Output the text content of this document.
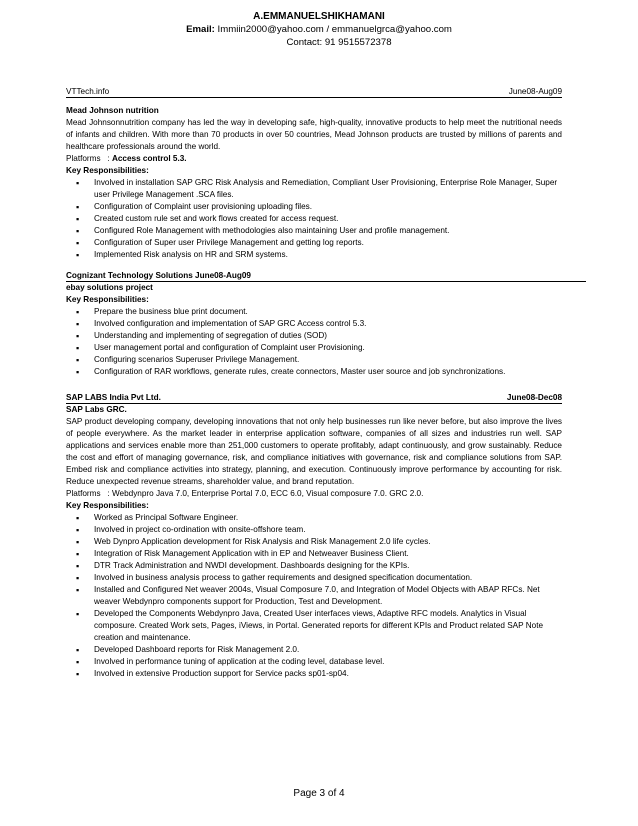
A.EMMANUELSHIKHAMANI
Email: Immiin2000@yahoo.com / emmanuelgrca@yahoo.com
Contact: 91 9515572378
VTTech.info	June08-Aug09
Mead Johnson nutrition
Mead Johnsonnutrition company has led the way in developing safe, high-quality, innovative products to help meet the nutritional needs of infants and children. With more than 70 products in over 50 countries, Mead Johnson products are trusted by millions of parents and healthcare professionals around the world.
Platforms   : Access control 5.3.
Key Responsibilities:
▪ Involved in installation SAP GRC Risk Analysis and Remediation, Compliant User Provisioning, Enterprise Role Manager, Super user Privilege Management .SCA files.
▪ Configuration of Complaint user provisioning uploading files.
▪ Created custom rule set and work flows created for access request.
▪ Configured Role Management with methodologies also maintaining User and profile management.
▪ Configuration of Super user Privilege Management and getting log reports.
▪ Implemented Risk analysis on HR and SRM systems.
Cognizant Technology Solutions June08-Aug09
ebay solutions project
Key Responsibilities:
▪ Prepare the business blue print document.
▪ Involved configuration and implementation of SAP GRC Access control 5.3.
▪ Understanding and implementing of segregation of duties (SOD)
▪ User management portal and configuration of Complaint user Provisioning.
▪ Configuring scenarios Superuser Privilege Management.
▪ Configuration of RAR workflows, generate rules, create connectors, Master user source and job synchronizations.
SAP LABS India Pvt Ltd.	June08-Dec08
SAP Labs GRC.
SAP product developing company, developing innovations that not only help businesses run like never before, but also improve the lives of people everywhere. As the market leader in enterprise application software, companies of all sizes and industries run well. SAP applications and services enable more than 251,000 customers to operate profitably, adapt continuously, and grow sustainably. Reduce the cost and effort of managing governance, risk, and compliance initiatives with governance, risk and compliance solutions from SAP. Embed risk and compliance activities into strategy, planning, and execution. Continuously improve performance by accounting for risk. Reduce unexpected revenue streams, shareholder value, and brand reputation.
Platforms   : Webdynpro Java 7.0, Enterprise Portal 7.0, ECC 6.0, Visual composure 7.0. GRC 2.0.
Key Responsibilities:
▪ Worked as Principal Software Engineer.
▪ Involved in project co-ordination with onsite-offshore team.
▪ Web Dynpro Application development for Risk Analysis and Risk Management 2.0 life cycles.
▪ Integration of Risk Management Application with in EP and Netweaver Business Client.
▪ DTR Track Administration and NWDI development. Dashboards designing for the KPIs.
▪ Involved in business analysis process to gather requirements and designed specification documentation.
▪ Installed and Configured Net weaver 2004s, Visual Composure 7.0, and Integration of Model Objects with ABAP RFCs. Net weaver Webdynpro components support for Production, Test and Development.
▪ Developed the Components Webdynpro Java, Created User interfaces views, Adaptive RFC models. Analytics in Visual composure. Created Work sets, Pages, iViews, in Portal. Generated reports for different KPIs and Product related SAP Note creation and maintenance.
▪ Developed Dashboard reports for Risk Management 2.0.
▪ Involved in performance tuning of application at the coding level, database level.
▪ Involved in extensive Production support for Service packs sp01-sp04.
Page 3 of 4
